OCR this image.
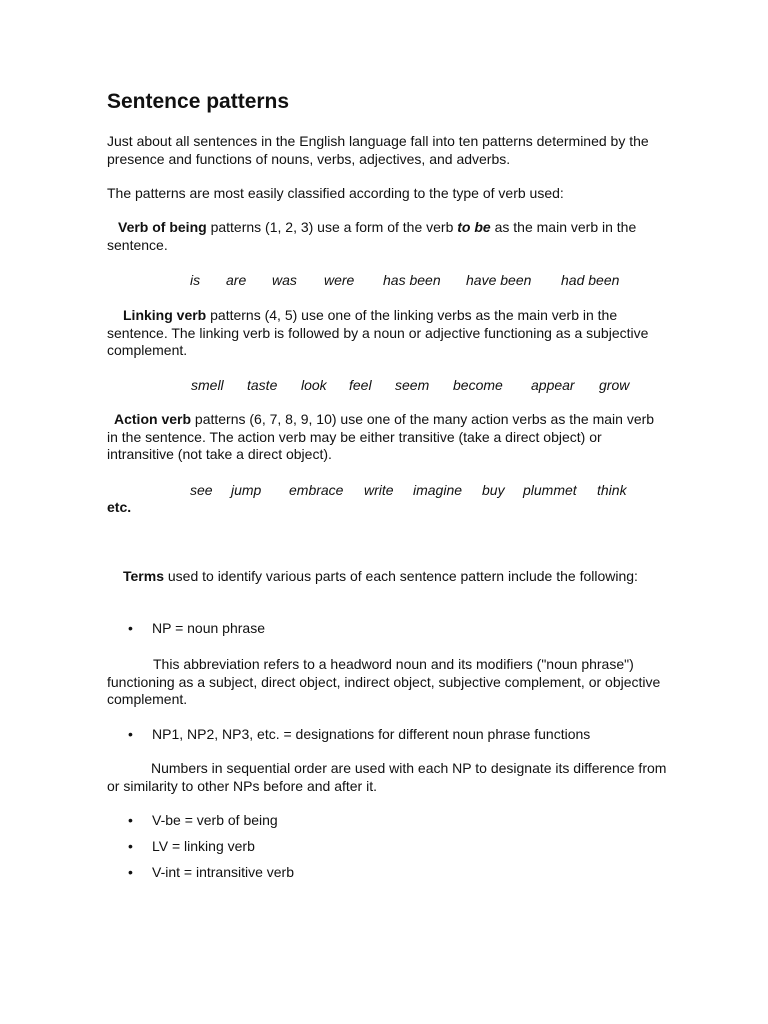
Sentence patterns

Just about all sentences in the English language fall into ten patterns determined by the presence and functions of nouns, verbs, adjectives, and adverbs.

The patterns are most easily classified according to the type of verb used:

Verb of being patterns (1, 2, 3) use a form of the verb to be as the main verb in the sentence.

is are was were has been have been had been

Linking verb patterns (4, 5) use one of the linking verbs as the main verb in the sentence. The linking verb is followed by a noun or adjective functioning as a subjective complement.

smell taste look feel seem become appear grow

Action verb patterns (6, 7, 8, 9, 10) use one of the many action verbs as the main verb in the sentence. The action verb may be either transitive (take a direct object) or intransitive (not take a direct object).

see jump embrace write imagine buy plummet think
etc.

Terms used to identify various parts of each sentence pattern include the following:

•	NP = noun phrase

This abbreviation refers to a headword noun and its modifiers ("noun phrase") functioning as a subject, direct object, indirect object, subjective complement, or objective complement.

•	NP1, NP2, NP3, etc. = designations for different noun phrase functions

Numbers in sequential order are used with each NP to designate its difference from or similarity to other NPs before and after it.

•	V-be = verb of being
•	LV = linking verb
•	V-int = intransitive verb
